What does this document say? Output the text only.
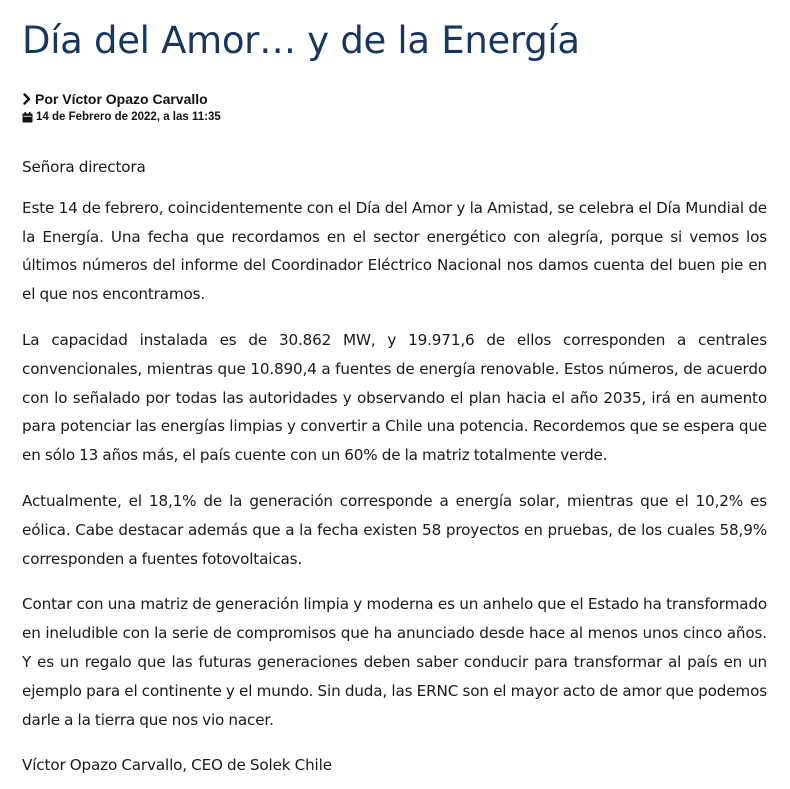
Día del Amor… y de la Energía
Por Víctor Opazo Carvallo
14 de Febrero de 2022, a las 11:35

Señora directora

Este 14 de febrero, coincidentemente con el Día del Amor y la Amistad, se celebra el Día Mundial de la Energía. Una fecha que recordamos en el sector energético con alegría, porque si vemos los últimos números del informe del Coordinador Eléctrico Nacional nos damos cuenta del buen pie en el que nos encontramos.

La capacidad instalada es de 30.862 MW, y 19.971,6 de ellos corresponden a centrales convencionales, mientras que 10.890,4 a fuentes de energía renovable. Estos números, de acuerdo con lo señalado por todas las autoridades y observando el plan hacia el año 2035, irá en aumento para potenciar las energías limpias y convertir a Chile una potencia. Recordemos que se espera que en sólo 13 años más, el país cuente con un 60% de la matriz totalmente verde.

Actualmente, el 18,1% de la generación corresponde a energía solar, mientras que el 10,2% es eólica. Cabe destacar además que a la fecha existen 58 proyectos en pruebas, de los cuales 58,9% corresponden a fuentes fotovoltaicas.

Contar con una matriz de generación limpia y moderna es un anhelo que el Estado ha transformado en ineludible con la serie de compromisos que ha anunciado desde hace al menos unos cinco años. Y es un regalo que las futuras generaciones deben saber conducir para transformar al país en un ejemplo para el continente y el mundo. Sin duda, las ERNC son el mayor acto de amor que podemos darle a la tierra que nos vio nacer.

Víctor Opazo Carvallo, CEO de Solek Chile
